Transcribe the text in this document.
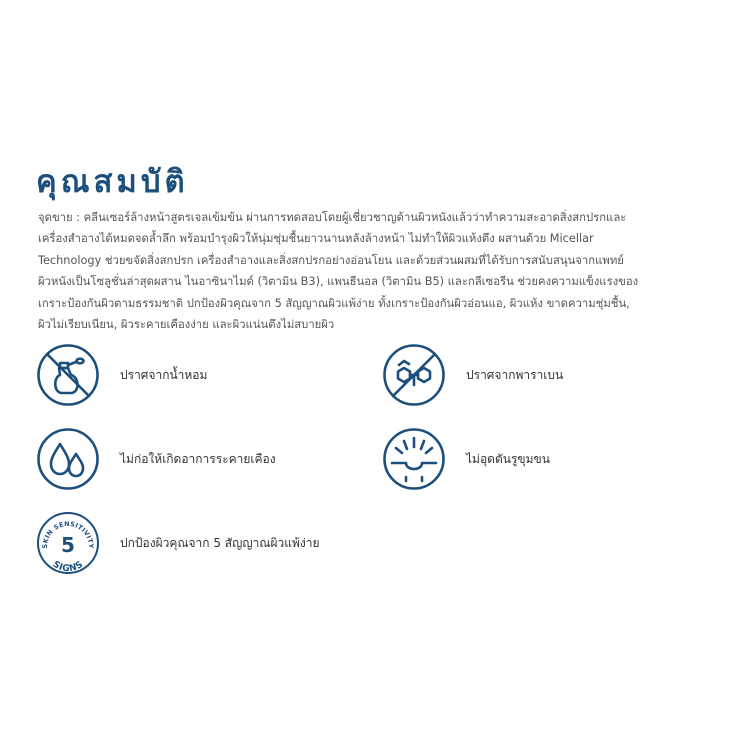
คุณสมบัติ

จุดขาย : คลีนเซอร์ล้างหน้าสูตรเจลเข้มข้น ผ่านการทดสอบโดยผู้เชี่ยวชาญด้านผิวหนังแล้วว่าทำความสะอาดสิ่งสกปรกและ
เครื่องสำอางได้หมดจดล้ำลึก พร้อมบำรุงผิวให้นุ่มชุ่มชื้นยาวนานหลังล้างหน้า ไม่ทำให้ผิวแห้งตึง ผสานด้วย Micellar
Technology ช่วยขจัดสิ่งสกปรก เครื่องสำอางและสิ่งสกปรกอย่างอ่อนโยน และด้วยส่วนผสมที่ได้รับการสนับสนุนจากแพทย์
ผิวหนังเป็นโซลูชั่นล่าสุดผสาน ไนอาซินาไมด์ (วิตามิน B3), แพนธีนอล (วิตามิน B5) และกลีเซอรีน ช่วยคงความแข็งแรงของ
เกราะป้องกันผิวตามธรรมชาติ ปกป้องผิวคุณจาก 5 สัญญาณผิวแพ้ง่าย ทั้งเกราะป้องกันผิวอ่อนแอ, ผิวแห้ง ขาดความชุ่มชื้น,
ผิวไม่เรียบเนียน, ผิวระคายเคืองง่าย และผิวแน่นตึงไม่สบายผิว

ปราศจากน้ำหอม	ปราศจากพาราเบน
ไม่ก่อให้เกิดอาการระคายเคือง	ไม่อุดตันรูขุมขน
SKIN SENSITIVITY
5
SIGNS
ปกป้องผิวคุณจาก 5 สัญญาณผิวแพ้ง่าย
